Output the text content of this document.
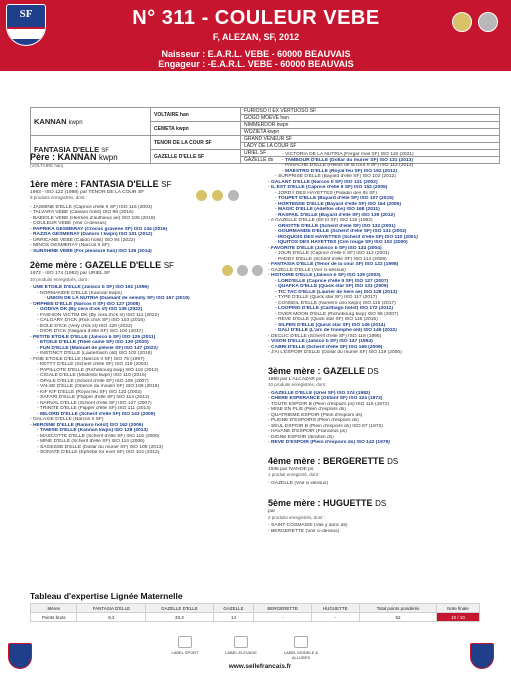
SF	N° 311 - COULEUR VEBE
F, ALEZAN, SF, 2012
Naisseur : E.A.R.L. VEBE - 60000 BEAUVAIS
Engageur : -E.A.R.L. VEBE - 60000 BEAUVAIS
KANNAN kwpn	VOLTAIRE han	FURIOSO II EX VERTUOSO SF
		GOGO MOEVE han
	CEMETA kwpn	NIMMERDOR kwpn
		WOZIETA kwpn
FANTASIA D'ELLE SF	TENOR DE LA COUR SF	GRAND VENEUR SF
		LADY DE LA COUR SF
	GAZELLE D'ELLE SF	URIEL SF
		GAZELLE ds
Père : KANNAN kwpn
(VOLTAIRE han)
1ère mère : FANTASIA D'ELLE SF
1993 - ISO 122 (1998) par TENOR DE LA COUR SF
9 produits enregistrés, dont :
- JASMINE D'ELLE (Caprice d'elle II SF) ISO 116 (2003)
- TALVARA VEBE (Calvaro holst) ISO 99 (2016)
- BABIOLE VEBE (Hermès d'authieux ae) ISO 105 (2018)
- COULEUR VEBE (Voir ci-dessus)
- PAPRIKA GESMERAY (Crocus gravene SF) ISO 134 (2016)
- RAZZIA GESMERAY (Damiro l kwpn) ISO 101 (2012)
- URRICANE VEBE (Calido holst) ISO 94 (2022)
- MINOS GESMERAY (Narcos II SF)
- SUNSHINE VEBE (For pleasure han) ISO 126 (2014)
2ème mère : GAZELLE D'ELLE SF
1972 - ISO 174 (1982) par URIEL SF
10 produits enregistrés, dont :
- UNE ETOILE D'ELLE (Jalisco b SF) ISO 161 (1996)
- NORMANDIE D'ELLE (Kannan kwpn)
- UNION DE LA NUTRIA (Diamant de semilly SF) ISO 167 (2019)
- ORPHEE D'ELLE (Narcos II SF) ISO 127 (2008)
- GODIVA DK (By cera d'ick sf) ISO 135 (2022)
- FASHION VICTIM DK (By cera d'ick sf) ISO 111 (2022)
- CALGARY D'ICK (Rick d'ick SF) ISO 103 (2016)
- EOLE D'ICK (Very d'ick sf) ISO 129 (2022)
- DIOR D'ICK (Niagara d'elle SF) ISO 104 (2017)
- PETITE ETOILE D'ELLE (Jalisco b SF) ISO 125 (2011)
- ETOILE D'ELLE (Tibet came SF) ISO 130 (2020)
- FUN D'ELLE (Malouet de plévile SF) ISO 147 (2022)
- INSTINCT D'ELLE (Lauterbach old) ISO 102 (2019)
- FINE ETOILE D'ELLE (Narcos II SF) ISO 75 (1997)
- KETTY D'ELLE (Scherif d'elle SF) ISO 119 (2003)
- PAPILLOTE D'ELLE (Richebourg bwp) ISO 116 (2012)
- CIGALE D'ELLE (Modesto kwpn) ISO 110 (2016)
- OPALE D'ELLE (Scherif d'elle SF) ISO 106 (2007)
- VALSE D'ELLE (Oberon du moulin SF) ISO 106 (2016)
- KIF KIF D'ELLE (Royal feu SF) ISO 110 (2002)
- SAFARI D'ELLE (Flipper d'elle SF) ISO 114 (2012)
- NARVAL D'ELLE (Scherif d'elle SF) ISO 127 (2007)
- TRINITE D'ELLE (Flipper d'elle SF) ISO 111 (2014)
- MILORD D'ELLE (Scherif d'elle SF) ISO 143 (2009)
- GALAXIE D'ELLE (Narcos II SF)
- HEROINE D'ELLE (Ramiro holst) ISO 162 (2006)
- TAMISE D'ELLE (Kannan kwpn) ISO 128 (2013)
- MASCOTTE D'ELLE (Scherif d'elle SF) ISO 116 (2006)
- MINE D'ELLE (Scherif d'elle SF) ISO 114 (2006)
- SAGESSE D'ELLE (Dollar du murier SF) ISO 105 (2013)
- SONATE D'ELLE (Ephèbe for ever SF) ISO 104 (2012)
- VICTORIA DE LA NUTRIA (Fergar mail SF) ISO 115 (2021)
- TAMBOUR D'ELLE (Dollar du murier SF) ISO 131 (2013)
- PANACHE D'ELLE (Helios de la cour II SF) ISO 112 (2013)
- MAESTRO D'ELLE (Royal feu SF) ISO 152 (2012)
- SURPRISE D'ELLE (Bayard d'elle SF) ISO 102 (2012)
- GALANT D'ELLE (Narcos II SF) ISO 131 (2002)
- IL EST D'ELLE (Caprice d'elle II SF) ISO 152 (2005)
- JORDY DES HAYETTES (Paladin des Ifs SF)
- TOUPET D'ELLE (Bayard d'elle SF) ISO 107 (2015)
- HORTENSE D'ELLE (Bayard d'elle SF) ISO 164 (2005)
- MAGIC D'ELLE (Adelfos sbs) ISO 168 (2011)
- RASPAIL D'ELLE (Bayard d'elle SF) ISO 139 (2012)
- A GAZELLE D'ELLE (Elf III SF) ISO 116 (1992)
- GRIOTTE D'ELLE (Scherif d'elle SF) ISO 132 (2001)
- GOURMANDE D'ELLE (Scherif d'elle SF) ISO 131 (2002)
- IROQUOIS DES HAYETTES (Scherif d'elle SF) ISO 110 (2001)
- IQUITOS DES HAYETTES (Cim rouge SF) ISO 102 (2000)
- FAVORITE D'ELLE (Jalisco b SF) ISO 134 (2004)
- JOUR D'ELLE (Caprice d'elle II SF) ISO 112 (2001)
- PADDY D'ELLE (Scherif d'elle SF) ISO 114 (2008)
- FANTASIA D'ELLE (Tenor de la cour SF) ISO 122 (1998)
- GAZELLE D'ELLE (Voir ci-dessus)
- HISTOIRE D'ELLE (Jalisco b SF) ISO 129 (2003)
- LORD'ELLE (Caprice d'elle II SF) ISO 127 (2007)
- QUAFKA D'ELLE (Quick star SF) ISO 131 (2009)
- TIC TAC D'ELLE (Laurier de here ae) ISO 128 (2013)
- TYPE D'ELLE (Quick star SF) ISO 117 (2017)
- CONSEIL D'ELLE (Numéro uno kwpn) ISO 116 (2017)
- LOOPING D'ELLE (Carthago holst) ISO 172 (2012)
- OVER MOON D'ELLE (Richebourg bwp) ISO 96 (2007)
- REVE D'ELLE (Quick star SF) ISO 115 (2015)
- SILPEN D'ELLE (Quick star SF) ISO 146 (2014)
- DALI D'ELLE (L'arc de triomphe old) ISO 146 (2022)
- DECLIC D'ELLE (Scherif d'elle SF) ISO 118 (1995)
- VISON D'ELLE (Jalisco b SF) ISO 147 (1994)
- CABRI D'ELLE (Scherif d'elle SF) ISO 166 (2009)
- J'AI L'ESPOIR D'ELLE (Dollar du murier SF) ISO 119 (2006)
3ème mère : GAZELLE DS
1950 par L'ALCAZAR ps
10 produits enregistrés, dont :
- GAZELLE D'ELLE (Uriel SF) ISO 174 (1982)
- CHERE ESPERANCE (Olifant SF) ISO 124 (1972)
- TOUTE ESPOIR B (Plein d'espoirs ps) ISO 116 (1972)
- MISE EN PLIS (Plein d'espoirs ds)
- QUATRIEME ESPOIR (Plein d'espoirs ds)
- PLEINE D'ESPOIRS (Plein d'espoirs ds)
- SEUL ESPOIR B (Plein d'espoirs ds) ISO 87 (1972)
- HAVANE D'ESPOIR (Francillus ps)
- DIGNE ESPOIR (Ibrahim ds)
- REVE D'ESPOIR (Plein d'espoirs ds) ISO 142 (1979)
4ème mère : BERGERETTE DS
1945 par IVANOE ps
1 produit enregistré, dont :
- GAZELLE (Voir ci-dessus)
5ème mère : HUGUETTE DS
par
2 produits enregistrés, dont :
- SAINT-COSMAISE (Vas y donc ds)
- BERGERETTE (Voir ci-dessus)
Tableau d'expertise Lignée Maternelle
Mères	FANTASIA D'ELLE	GAZELLE D'ELLE	GAZELLE	BERGERETTE	HUGUETTE	Total points pondérés	Note finale
Points bruts	8,2	33,3	14	-	-	52	10 / 10
LABEL SPORT	LABEL ELEVAGE	LABEL MODELE & ALLURES
www.sellefrancais.fr
